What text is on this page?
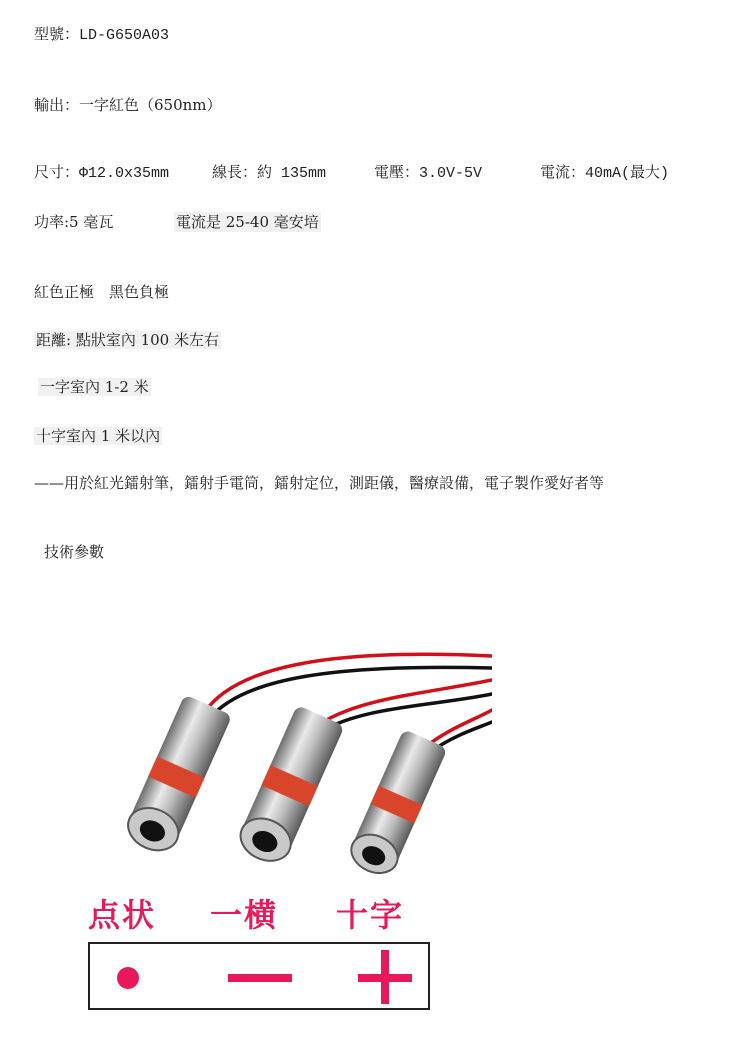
型號：LD-G650A03
輸出：一字紅色（650nm）
尺寸：Φ12.0x35mm	線長：約 135mm	電壓：3.0V-5V	電流：40mA(最大)
功率:5 毫瓦	電流是 25-40 毫安培
紅色正極　黑色負極
距離: 點狀室內 100 米左右
一字室內 1-2 米
十字室內 1 米以內
——用於紅光鐳射筆，鐳射手電筒，鐳射定位，測距儀，醫療設備，電子製作愛好者等
技術參數
点状 一横 十字
